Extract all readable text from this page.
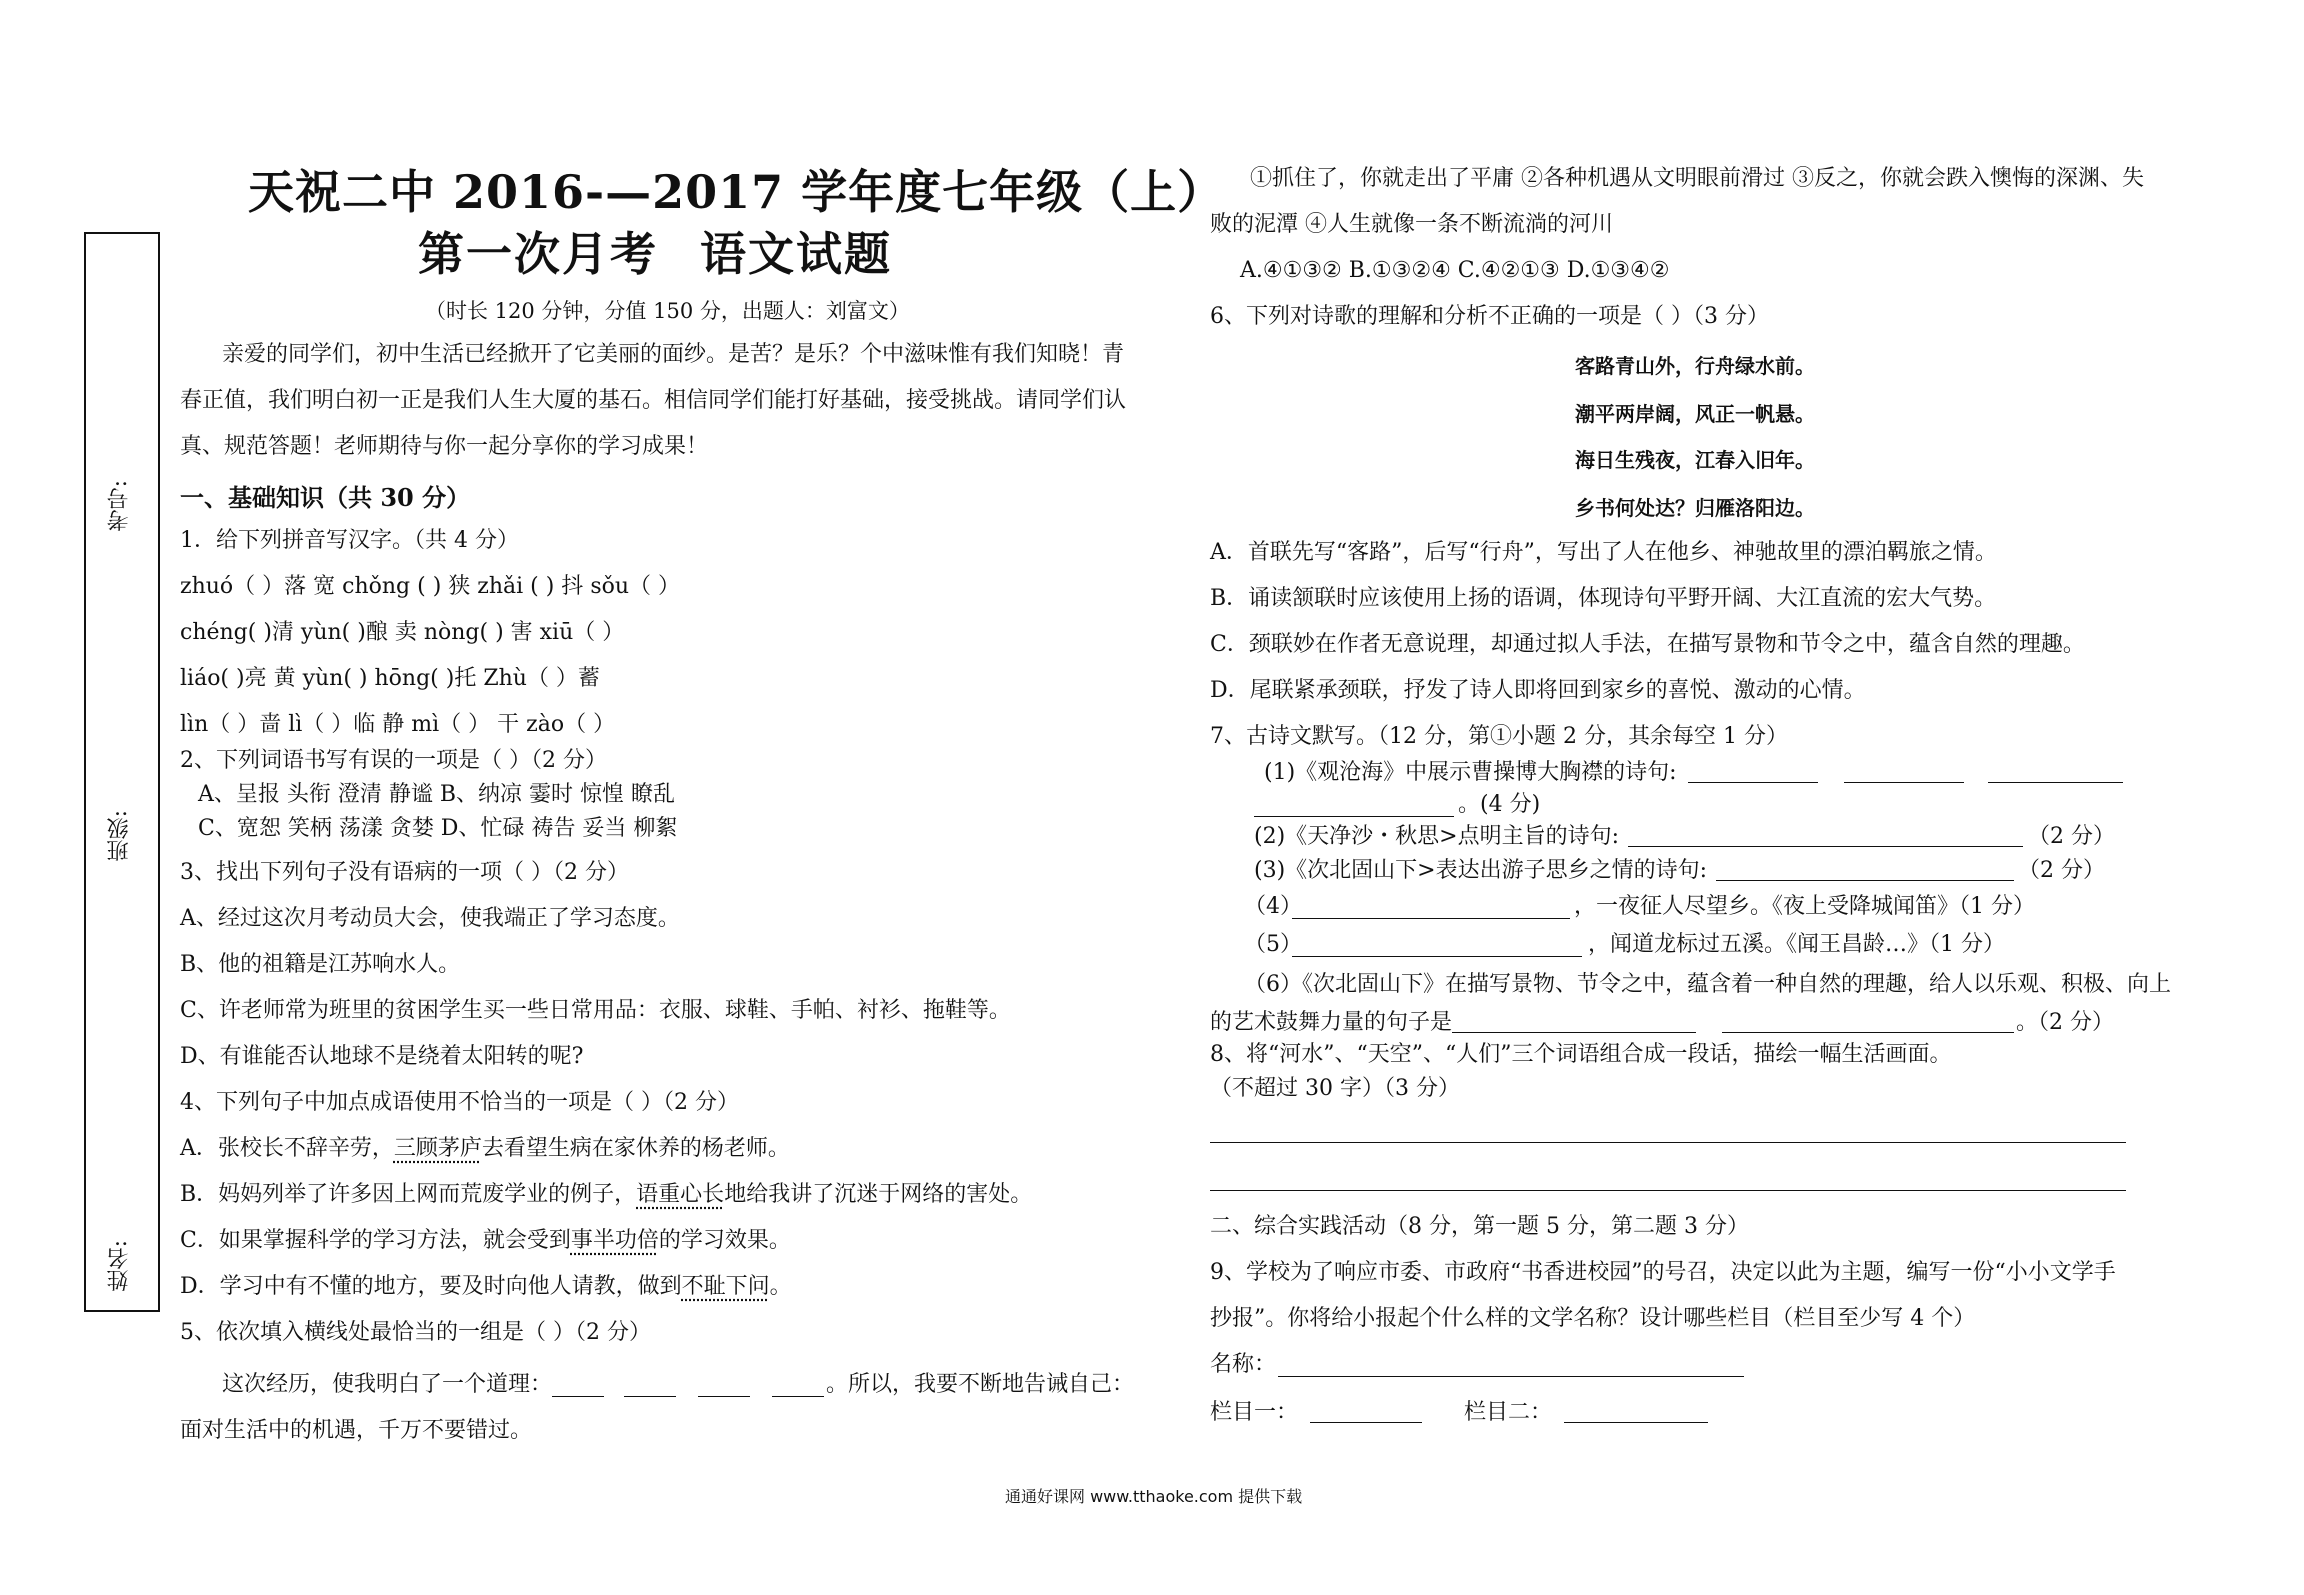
天祝二中 2016-—2017 学年度七年级（上）
第一次月考 语文试题
（时长 120 分钟，分值 150 分，出题人：刘富文）
考号:
班级:
姓名:
亲爱的同学们，初中生活已经掀开了它美丽的面纱。是苦？是乐？个中滋味惟有我们知晓！青
春正值，我们明白初一正是我们人生大厦的基石。相信同学们能打好基础，接受挑战。请同学们认
真、规范答题！老师期待与你一起分享你的学习成果！
一、基础知识（共 30 分）
1．给下列拼音写汉字。（共 4 分）
zhuó（ ）落 宽 chǒng ( ) 狭 zhǎi ( ) 抖 sǒu（ ）
chéng( )清 yùn( )酿 卖 nòng( ) 害 xiū（ ）
liáo( )亮 黄 yùn( ) hōng( )托 Zhù（ ）蓄
lìn（ ）啬 lì（ ）临 静 mì（ ） 干 zào（ ）
2、下列词语书写有误的一项是（ ）（2 分）
A、呈报 头衔 澄清 静谧 B、纳凉 霎时 惊惶 瞭乱
C、宽恕 笑柄 荡漾 贪婪 D、忙碌 祷告 妥当 柳絮
3、找出下列句子没有语病的一项（ ）（2 分）
A、经过这次月考动员大会，使我端正了学习态度。
B、他的祖籍是江苏响水人。
C、许老师常为班里的贫困学生买一些日常用品：衣服、球鞋、手帕、衬衫、拖鞋等。
D、有谁能否认地球不是绕着太阳转的呢?
4、下列句子中加点成语使用不恰当的一项是（ ）（2 分）
A．张校长不辞辛劳，三顾茅庐去看望生病在家休养的杨老师。
B．妈妈列举了许多因上网而荒废学业的例子，语重心长地给我讲了沉迷于网络的害处。
C．如果掌握科学的学习方法，就会受到事半功倍的学习效果。
D．学习中有不懂的地方，要及时向他人请教，做到不耻下问。
5、依次填入横线处最恰当的一组是（ ）（2 分）
这次经历，使我明白了一个道理：	。所以，我要不断地告诫自己：
面对生活中的机遇，千万不要错过。
①抓住了，你就走出了平庸 ②各种机遇从文明眼前滑过 ③反之，你就会跌入懊悔的深渊、失
败的泥潭 ④人生就像一条不断流淌的河川
A.④①③② B.①③②④ C.④②①③ D.①③④②
6、下列对诗歌的理解和分析不正确的一项是（ ）（3 分）
客路青山外，行舟绿水前。
潮平两岸阔，风正一帆悬。
海日生残夜，江春入旧年。
乡书何处达？归雁洛阳边。
A．首联先写“客路”，后写“行舟”，写出了人在他乡、神驰故里的漂泊羁旅之情。
B．诵读颔联时应该使用上扬的语调，体现诗句平野开阔、大江直流的宏大气势。
C．颈联妙在作者无意说理，却通过拟人手法，在描写景物和节令之中，蕴含自然的理趣。
D．尾联紧承颈联，抒发了诗人即将回到家乡的喜悦、激动的心情。
7、古诗文默写。（12 分，第①小题 2 分，其余每空 1 分）
(1)《观沧海》中展示曹操博大胸襟的诗句:
。(4 分)
(2)《天净沙・秋思>点明主旨的诗句:	（2 分）
(3)《次北固山下>表达出游子思乡之情的诗句:	（2 分）
（4）	，一夜征人尽望乡。《夜上受降城闻笛》（1 分）
（5）	，闻道龙标过五溪。《闻王昌龄…》（1 分）
（6）《次北固山下》在描写景物、节令之中，蕴含着一种自然的理趣，给人以乐观、积极、向上
的艺术鼓舞力量的句子是	。（2 分）
8、将“河水”、“天空”、“人们”三个词语组合成一段话，描绘一幅生活画面。
（不超过 30 字）（3 分）
二、综合实践活动（8 分，第一题 5 分，第二题 3 分）
9、学校为了响应市委、市政府“书香进校园”的号召，决定以此为主题，编写一份“小小文学手
抄报”。你将给小报起个什么样的文学名称？设计哪些栏目（栏目至少写 4 个）
名称：
栏目一：	栏目二：
通通好课网 www.tthaoke.com 提供下载
